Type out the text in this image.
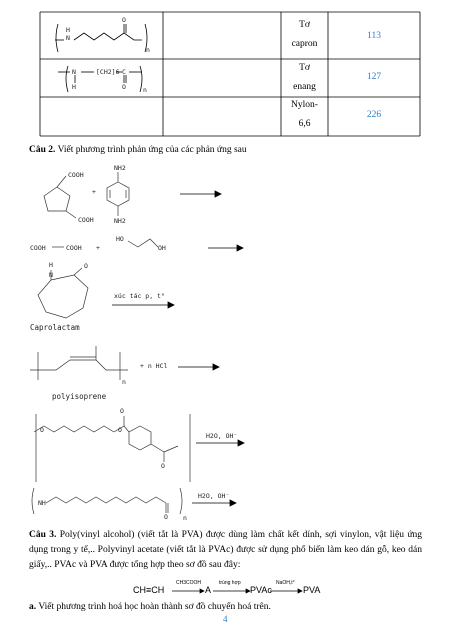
N
H
O
n
N
H
[CH2]6 C
O	n
Tơ
capron
113
Tơ
enang
127
Nylon-
6,6
226
Câu 2. Viết phương trình phản ứng của các phản ứng sau
COOH
COOH
+
NH2
NH2
COOH	COOH +
HO
OH
H
N
O
Caprolactam
xúc tác p, t°
n
polyisoprene
+ n HCl
O
O
O
O
H2O, OH⁻
NH
O n
H2O, OH⁻
Câu 3. Poly(vinyl alcohol) (viết tắt là PVA) được dùng làm chất kết dính, sợi vinylon, vật liệu ứng dụng trong y tế,.. Polyvinyl acetate (viết tắt là PVAc) được sử dụng phổ biến làm keo dán gỗ, keo dán giấy,.. PVAc và PVA được tổng hợp theo sơ đồ sau đây:
CH≡CH
CH3COOH
A
trùng hợp
PVAc
NaOH,t°
PVA
a. Viết phương trình hoá học hoàn thành sơ đồ chuyển hoá trên.
4
